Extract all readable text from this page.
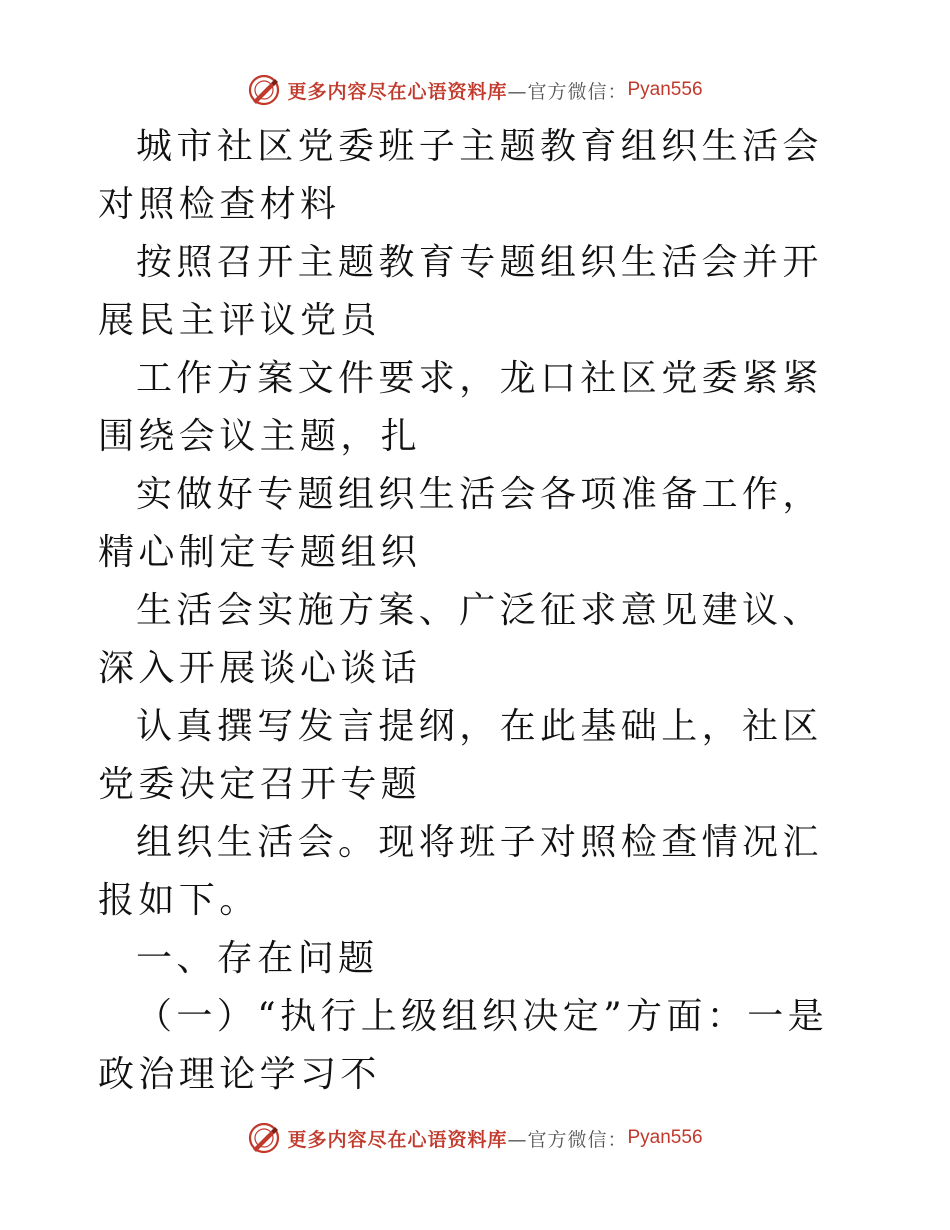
更多内容尽在心语资料库 —官方微信： Pyan556

城市社区党委班子主题教育组织生活会对照检查材料

按照召开主题教育专题组织生活会并开展民主评议党员

工作方案文件要求，龙口社区党委紧紧围绕会议主题，扎

实做好专题组织生活会各项准备工作，精心制定专题组织

生活会实施方案、广泛征求意见建议、深入开展谈心谈话

认真撰写发言提纲，在此基础上，社区党委决定召开专题

组织生活会。现将班子对照检查情况汇报如下。

一、存在问题

（一）“执行上级组织决定”方面：一是政治理论学习不

更多内容尽在心语资料库 —官方微信： Pyan556
